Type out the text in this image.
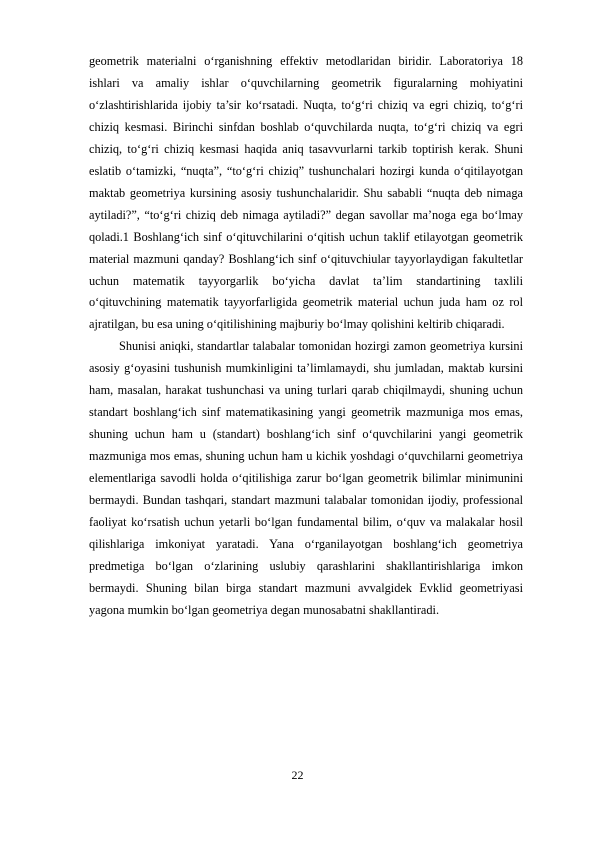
geometrik materialni o‘rganishning effektiv metodlaridan biridir. Laboratoriya 18 ishlari va amaliy ishlar o‘quvchilarning geometrik figuralarning mohiyatini o‘zlashtirishlarida ijobiy ta’sir ko‘rsatadi. Nuqta, to‘g‘ri chiziq va egri chiziq, to‘g‘ri chiziq kesmasi. Birinchi sinfdan boshlab o‘quvchilarda nuqta, to‘g‘ri chiziq va egri chiziq, to‘g‘ri chiziq kesmasi haqida aniq tasavvurlarni tarkib toptirish kerak. Shuni eslatib o‘tamizki, “nuqta”, “to‘g‘ri chiziq” tushunchalari hozirgi kunda o‘qitilayotgan maktab geometriya kursining asosiy tushunchalaridir. Shu sababli “nuqta deb nimaga aytiladi?”, “to‘g‘ri chiziq deb nimaga aytiladi?” degan savollar ma’noga ega bo‘lmay qoladi.1 Boshlang‘ich sinf o‘qituvchilarini o‘qitish uchun taklif etilayotgan geometrik material mazmuni qanday? Boshlang‘ich sinf o‘qituvchiular tayyorlaydigan fakultetlar uchun matematik tayyorgarlik bo‘yicha davlat ta’lim standartining taxlili o‘qituvchining matematik tayyorfarligida geometrik material uchun juda ham oz rol ajratilgan, bu esa uning o‘qitilishining majburiy bo‘lmay qolishini keltirib chiqaradi.

Shunisi aniqki, standartlar talabalar tomonidan hozirgi zamon geometriya kursini asosiy g‘oyasini tushunish mumkinligini ta’limlamaydi, shu jumladan, maktab kursini ham, masalan, harakat tushunchasi va uning turlari qarab chiqilmaydi, shuning uchun standart boshlang‘ich sinf matematikasining yangi geometrik mazmuniga mos emas, shuning uchun ham u (standart) boshlang‘ich sinf o‘quvchilarini yangi geometrik mazmuniga mos emas, shuning uchun ham u kichik yoshdagi o‘quvchilarni geometriya elementlariga savodli holda o‘qitilishiga zarur bo‘lgan geometrik bilimlar minimunini bermaydi. Bundan tashqari, standart mazmuni talabalar tomonidan ijodiy, professional faoliyat ko‘rsatish uchun yetarli bo‘lgan fundamental bilim, o‘quv va malakalar hosil qilishlariga imkoniyat yaratadi. Yana o‘rganilayotgan boshlang‘ich geometriya predmetiga bo‘lgan o‘zlarining uslubiy qarashlarini shakllantirishlariga imkon bermaydi. Shuning bilan birga standart mazmuni avvalgidek Evklid geometriyasi yagona mumkin bo‘lgan geometriya degan munosabatni shakllantiradi.

22
